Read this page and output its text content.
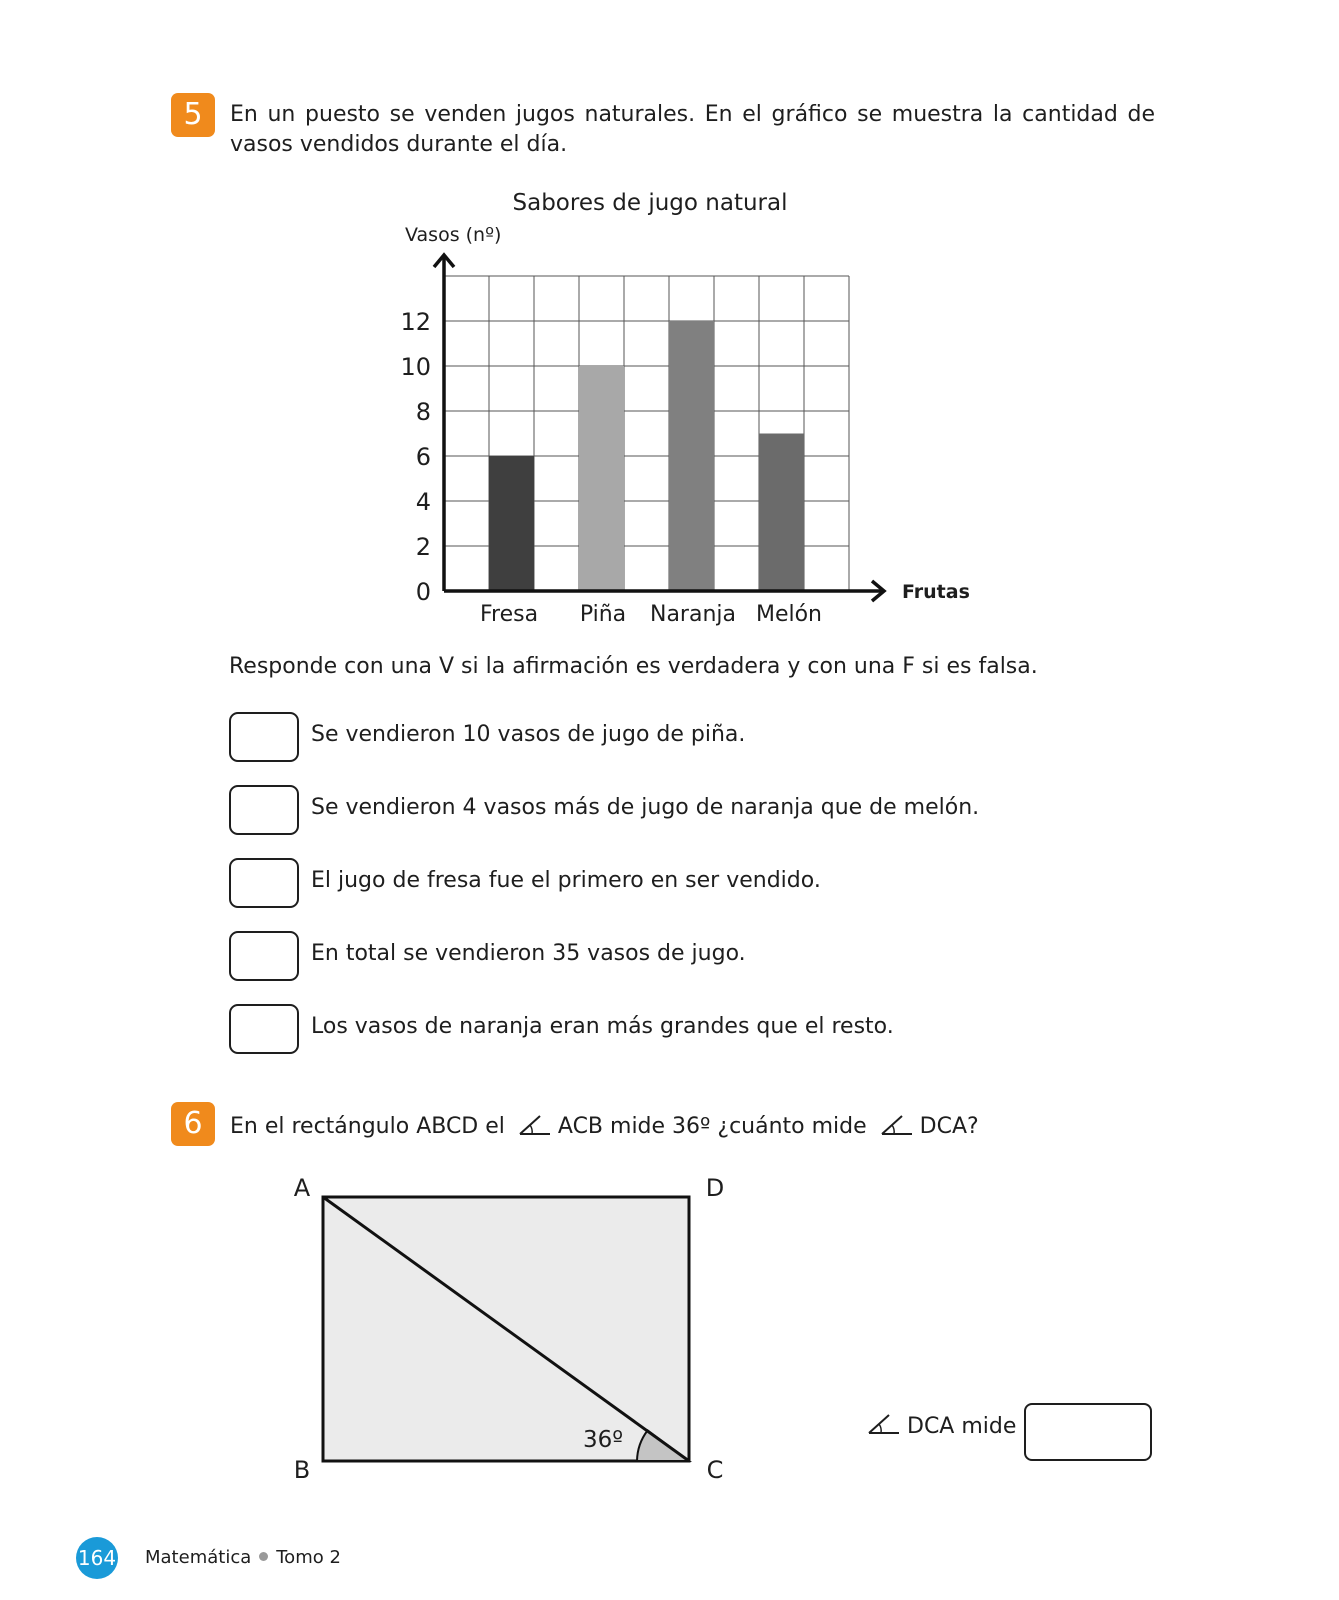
5	En un puesto se venden jugos naturales. En el gráfico se muestra la cantidad de vasos vendidos durante el día.
0
2
4
6
8
10
12
Fresa Piña Naranja Melón
Sabores de jugo natural
Vasos (nº)
Frutas
Responde con una V si la afirmación es verdadera y con una F si es falsa.
Se vendieron 10 vasos de jugo de piña.
Se vendieron 4 vasos más de jugo de naranja que de melón.
El jugo de fresa fue el primero en ser vendido.
En total se vendieron 35 vasos de jugo.
Los vasos de naranja eran más grandes que el resto.
6	En el rectángulo ABCD el ACB mide 36º ¿cuánto mide DCA?
A	D
B	C
36º
DCA mide
164 Matemática Tomo 2
